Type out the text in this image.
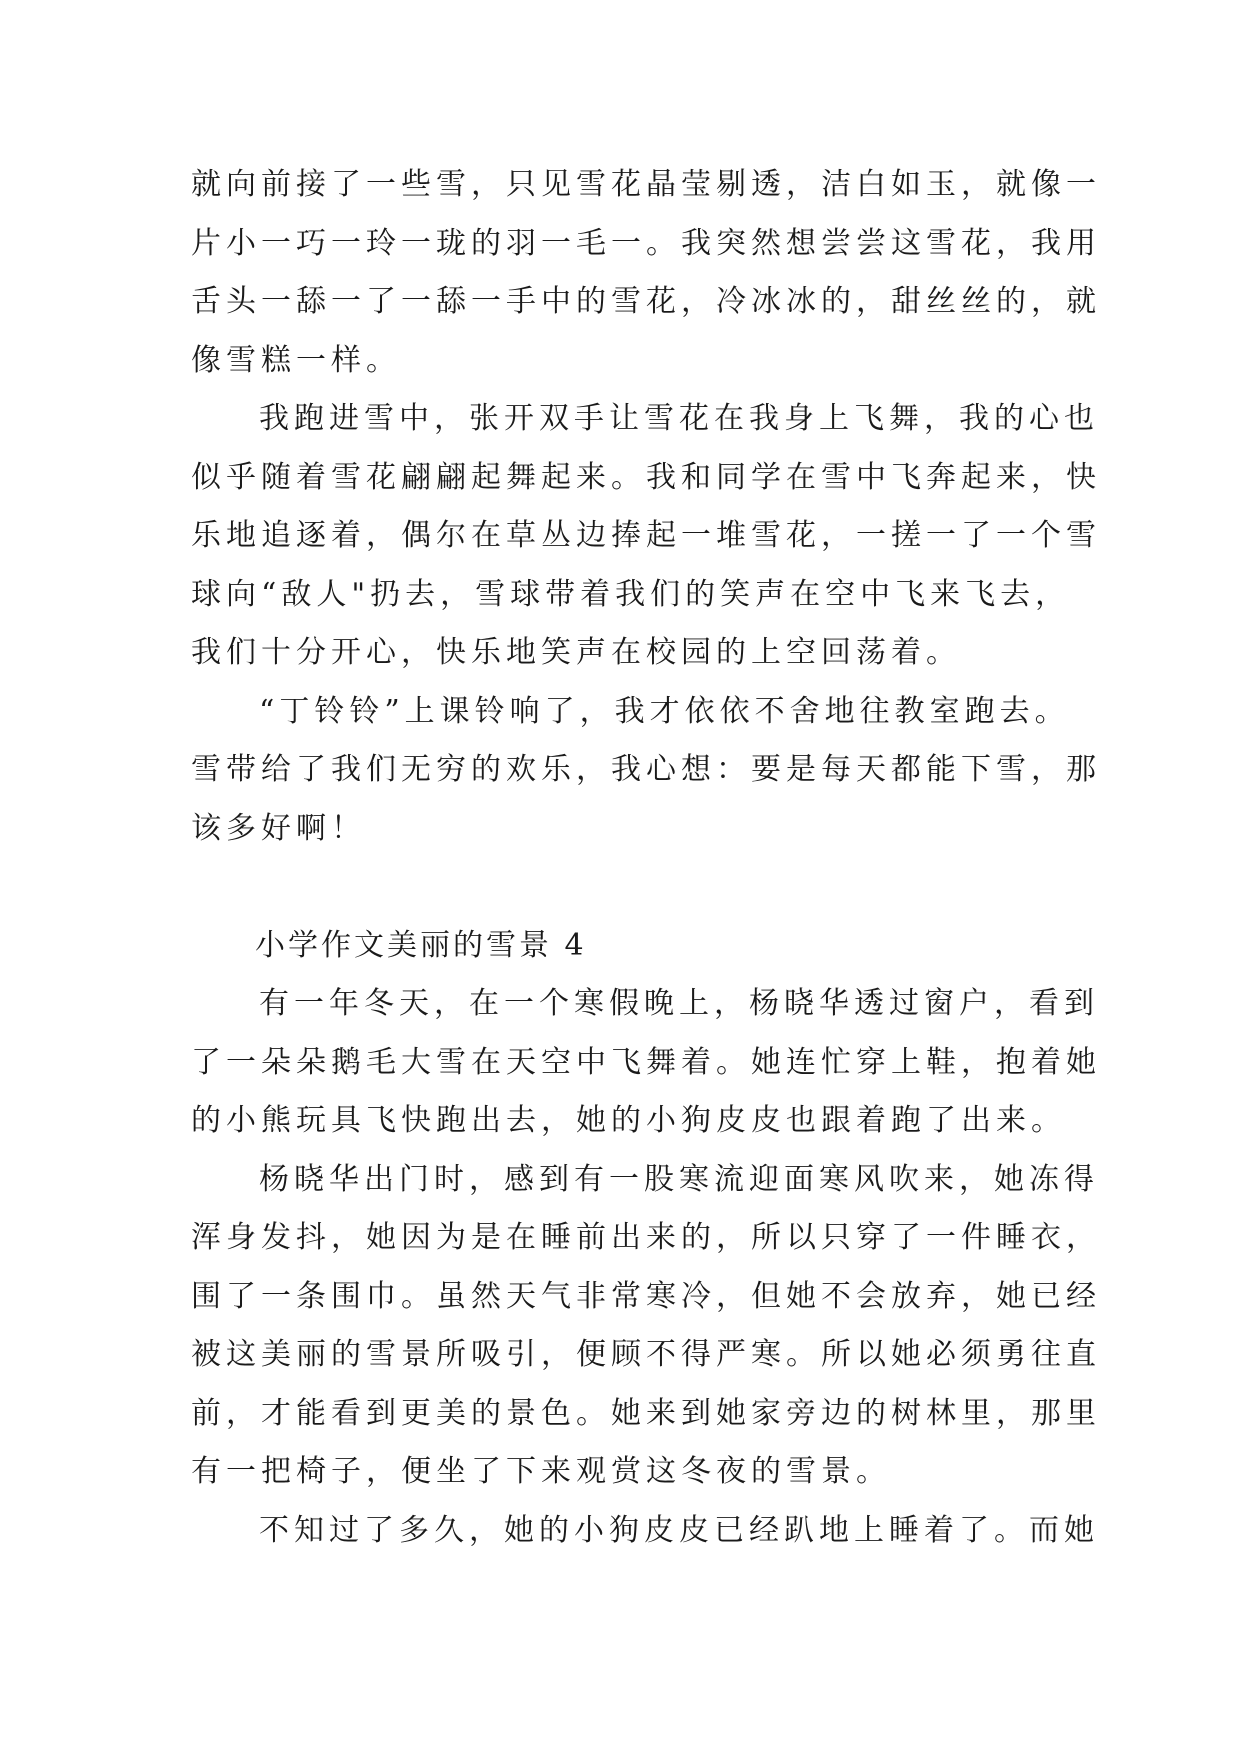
就向前接了一些雪，只见雪花晶莹剔透，洁白如玉，就像一
片小一巧一玲一珑的羽一毛一。我突然想尝尝这雪花，我用
舌头一舔一了一舔一手中的雪花，冷冰冰的，甜丝丝的，就
像雪糕一样。
我跑进雪中，张开双手让雪花在我身上飞舞，我的心也
似乎随着雪花翩翩起舞起来。我和同学在雪中飞奔起来，快
乐地追逐着，偶尔在草丛边捧起一堆雪花，一搓一了一个雪
球向“敌人"扔去，雪球带着我们的笑声在空中飞来飞去，
我们十分开心，快乐地笑声在校园的上空回荡着。
“丁铃铃”上课铃响了，我才依依不舍地往教室跑去。
雪带给了我们无穷的欢乐，我心想：要是每天都能下雪，那
该多好啊！
小学作文美丽的雪景 4
有一年冬天，在一个寒假晚上，杨晓华透过窗户，看到
了一朵朵鹅毛大雪在天空中飞舞着。她连忙穿上鞋，抱着她
的小熊玩具飞快跑出去，她的小狗皮皮也跟着跑了出来。
杨晓华出门时，感到有一股寒流迎面寒风吹来，她冻得
浑身发抖，她因为是在睡前出来的，所以只穿了一件睡衣，
围了一条围巾。虽然天气非常寒冷，但她不会放弃，她已经
被这美丽的雪景所吸引，便顾不得严寒。所以她必须勇往直
前，才能看到更美的景色。她来到她家旁边的树林里，那里
有一把椅子，便坐了下来观赏这冬夜的雪景。
不知过了多久，她的小狗皮皮已经趴地上睡着了。而她
